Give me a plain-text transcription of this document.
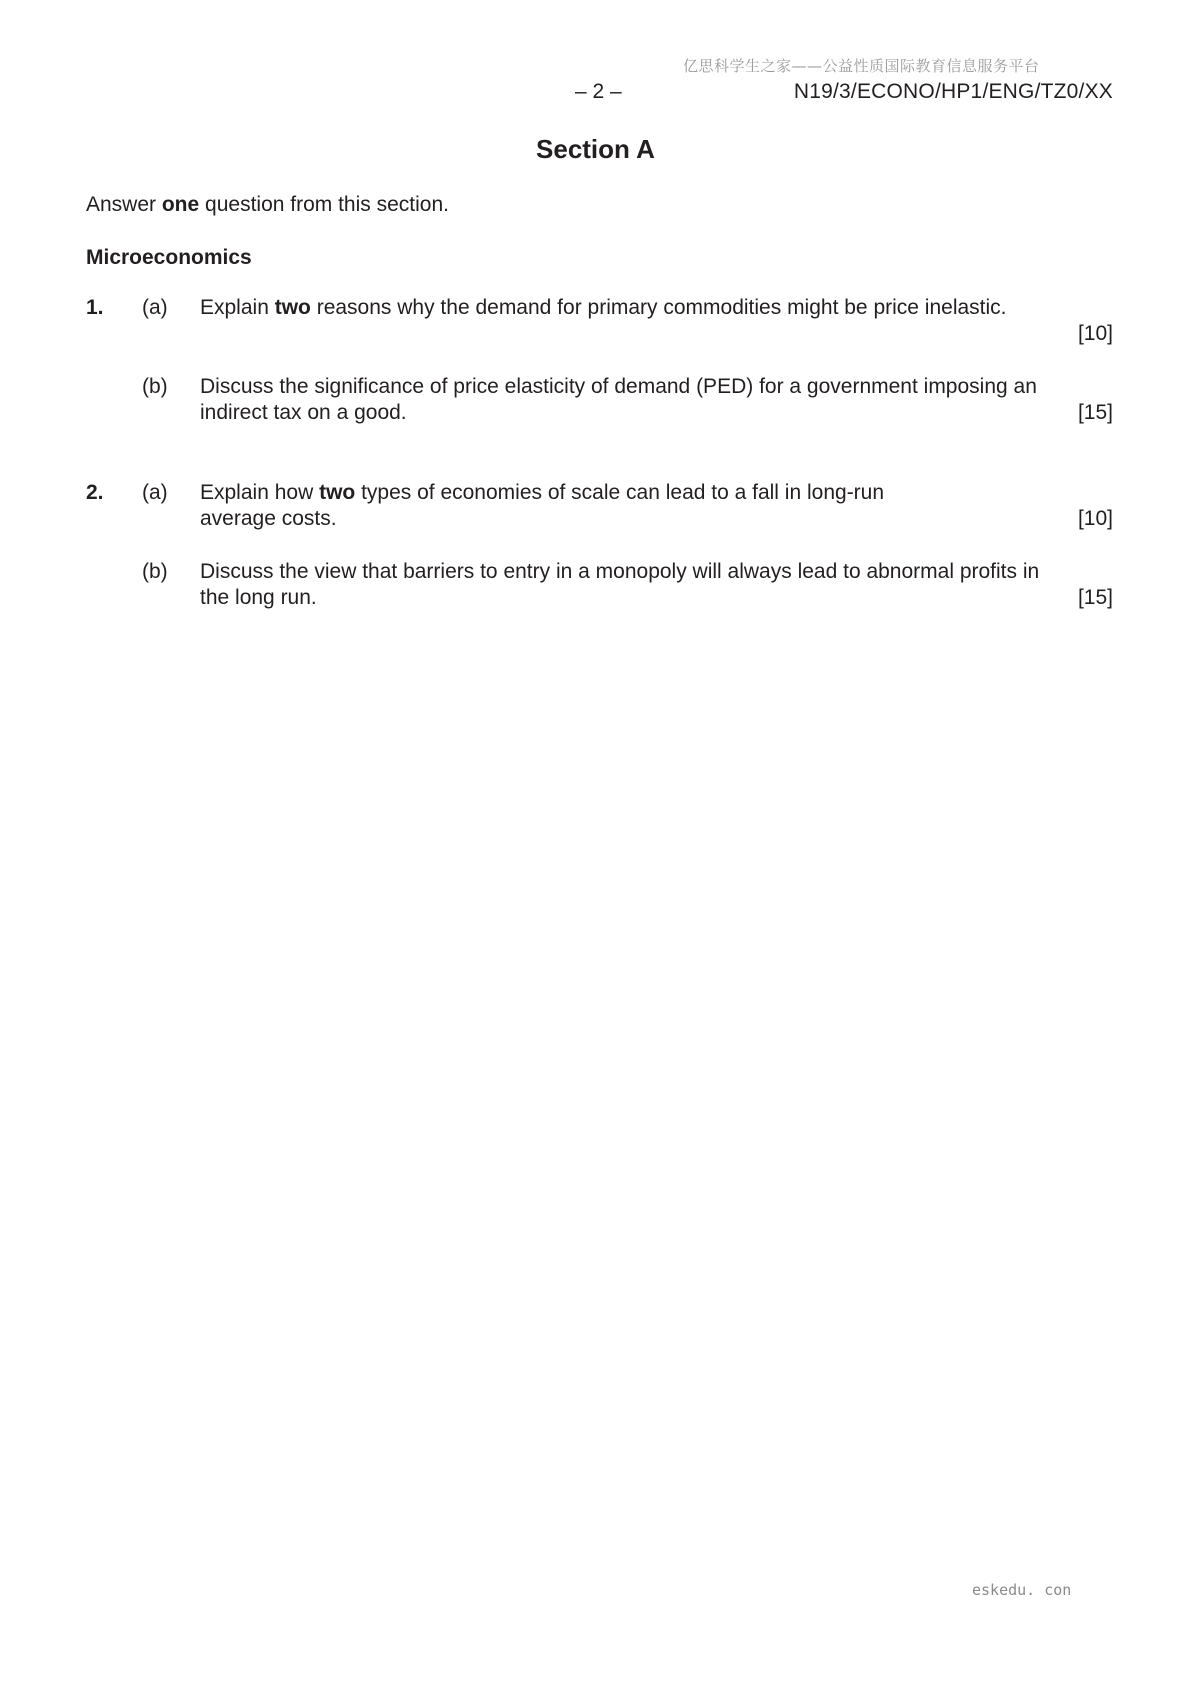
亿思科学生之家——公益性质国际教育信息服务平台
– 2 –	N19/3/ECONO/HP1/ENG/TZ0/XX
Section A
Answer one question from this section.
Microeconomics
1. (a) Explain two reasons why the demand for primary commodities might be price inelastic.
[10]
(b) Discuss the significance of price elasticity of demand (PED) for a government imposing an indirect tax on a good.	[15]
2. (a) Explain how two types of economies of scale can lead to a fall in long-run average costs.	[10]
(b) Discuss the view that barriers to entry in a monopoly will always lead to abnormal profits in the long run.	[15]
eskedu. con
